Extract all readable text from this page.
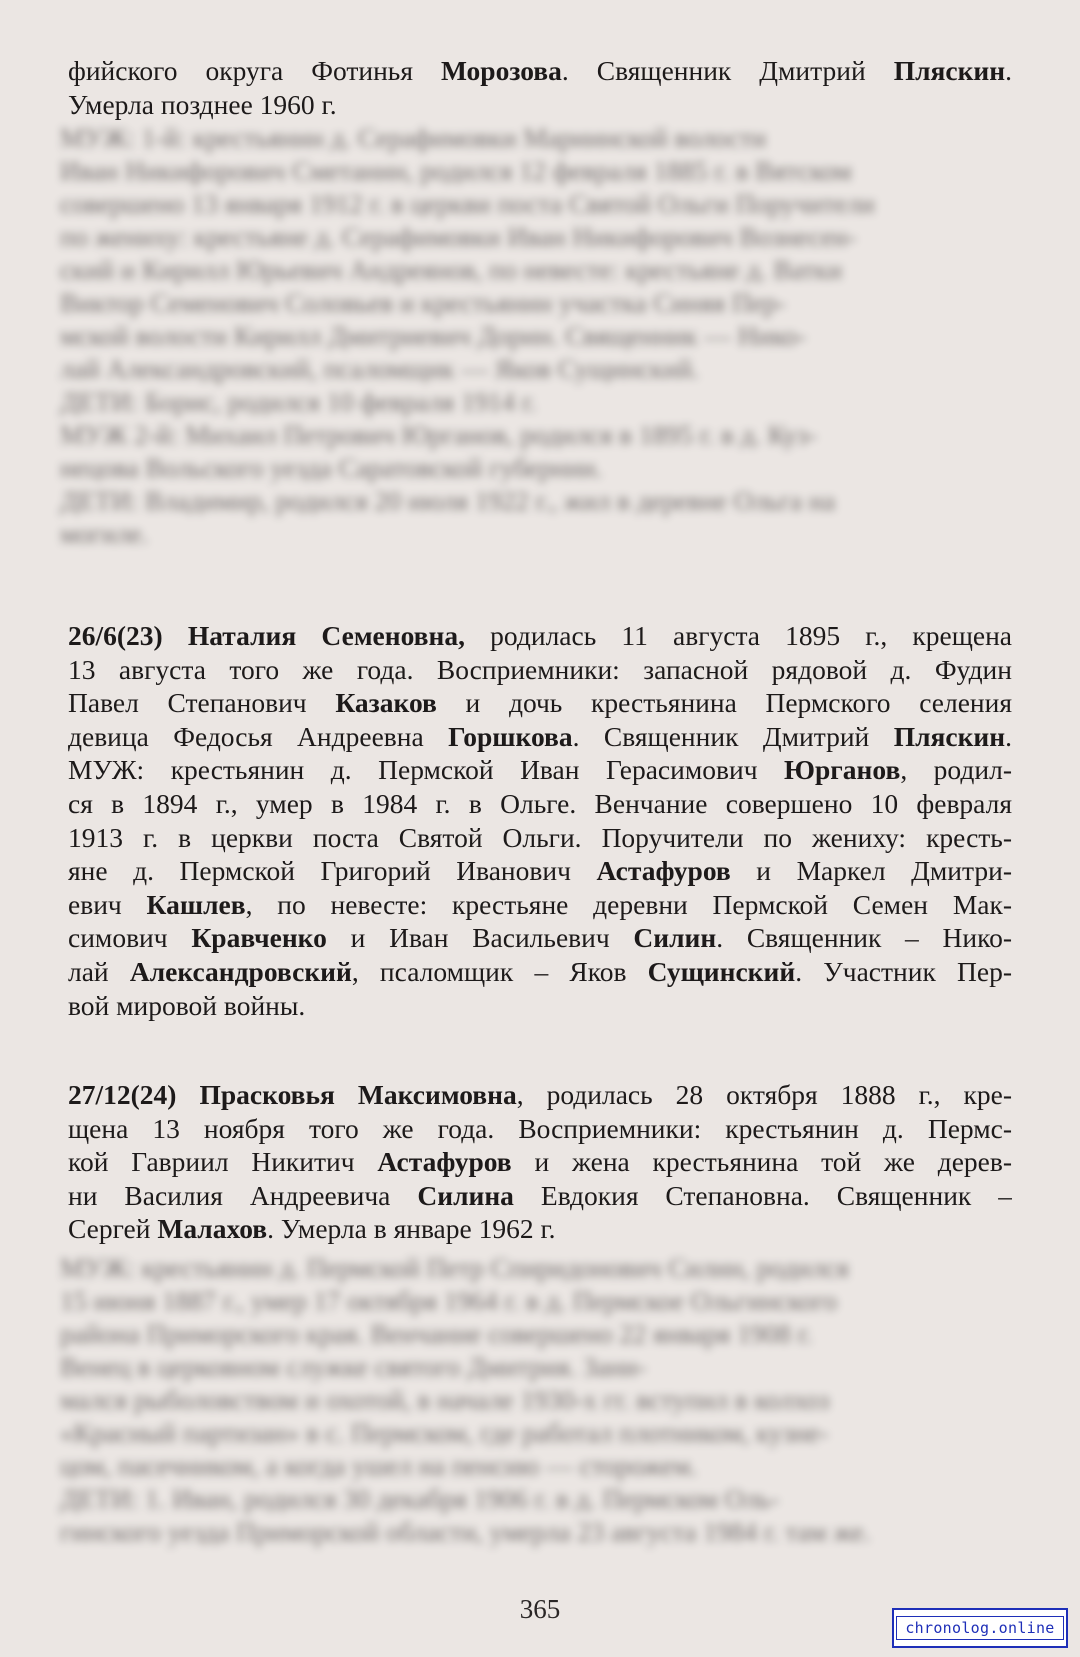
фийского округа Фотинья Морозова. Священник Дмитрий Пляскин.
Умерла позднее 1960 г.

МУЖ: 1-й: крестьянин д. Серафимовки Мариинской волости

Иван Никифорович Сметанин, родился 12 февраля 1885 г. в Вятском

совершено 13 января 1912 г. в церкви поста Святой Ольги Поручители

по жениху: крестьяне д. Серафимовки Иван Никифорович Вознесен-

ский и Кирилл Юрьевич Андреянов, по невесте: крестьяне д. Ватки

Виктор Семенович Соловьев и крестьянин участка Синяя Пер-

мской волости Кирилл Дмитриевич Дорин. Священник — Нико-

лай Александровский, псаломщик — Яков Сущинский.

ДЕТИ: Борис, родился 10 февраля 1914 г.

МУЖ 2-й: Михаил Петрович Юрганов, родился в 1895 г. в д. Куз-

нецова Вольского уезда Саратовской губернии.

ДЕТИ: Владимир, родился 20 июля 1922 г., жил в деревне Ольга на

могиле.

26/6(23) Наталия Семеновна, родилась 11 августа 1895 г., крещена
13 августа того же года. Восприемники: запасной рядовой д. Фудин
Павел Степанович Казаков и дочь крестьянина Пермского селения
девица Федосья Андреевна Горшкова. Священник Дмитрий Пляскин.
МУЖ: крестьянин д. Пермской Иван Герасимович Юрганов, родил-
ся в 1894 г., умер в 1984 г. в Ольге. Венчание совершено 10 февраля
1913 г. в церкви поста Святой Ольги. Поручители по жениху: кресть-
яне д. Пермской Григорий Иванович Астафуров и Маркел Дмитри-
евич Кашлев, по невесте: крестьяне деревни Пермской Семен Мак-
симович Кравченко и Иван Васильевич Силин. Священник – Нико-
лай Александровский, псаломщик – Яков Сущинский. Участник Пер-
вой мировой войны.
27/12(24) Прасковья Максимовна, родилась 28 октября 1888 г., кре-
щена 13 ноября того же года. Восприемники: крестьянин д. Пермс-
кой Гавриил Никитич Астафуров и жена крестьянина той же дерев-
ни Василия Андреевича Силина Евдокия Степановна. Священник –
Сергей Малахов. Умерла в январе 1962 г.

МУЖ: крестьянин д. Пермской Петр Спиридонович Силин, родился

15 июня 1887 г., умер 17 октября 1964 г. в д. Пермское Ольгинского

района Приморского края. Венчание совершено 22 января 1908 г.

Венец в церковном служке святого Дмитрия. Зани-

мался рыболовством и охотой, в начале 1930-х гг. вступил в колхоз

«Красный партизан» в с. Пермском, где работал плотником, кузне-

цом, пасечником, а когда ушел на пенсию — сторожем.

ДЕТИ: 1. Иван, родился 30 декабря 1906 г. в д. Пермском Оль-

гинского уезда Приморской области, умерла 23 августа 1984 г. там же.

365
chronolog.online
